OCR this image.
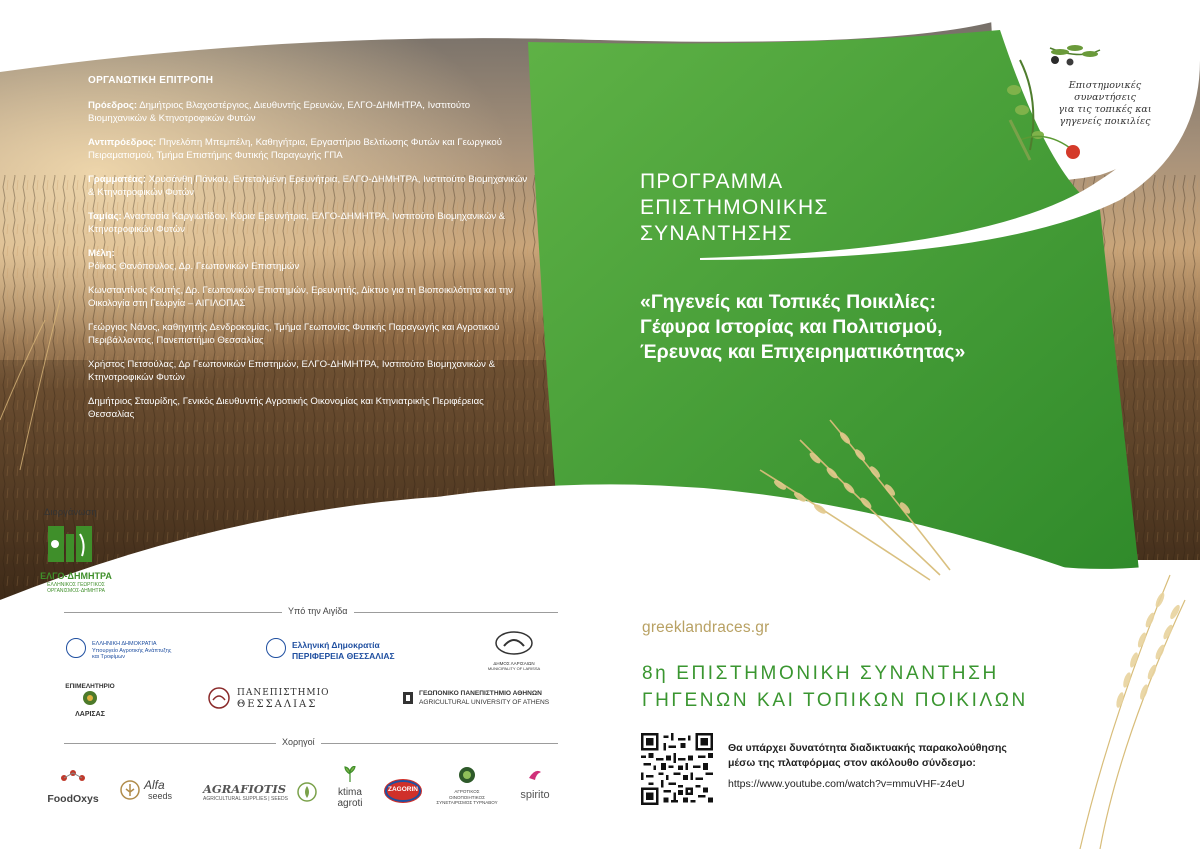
Επιστημονικές συναντήσεις
για τις τοπικές και
γηγενείς ποικιλίες
ΟΡΓΑΝΩΤΙΚΗ ΕΠΙΤΡΟΠΗ
Πρόεδρος: Δημήτριος Βλαχοστέργιος, Διευθυντής Ερευνών, ΕΛΓΟ-ΔΗΜΗΤΡΑ, Ινστιτούτο Βιομηχανικών & Κτηνοτροφικών Φυτών
Αντιπρόεδρος: Πηνελόπη Μπεμπέλη, Καθηγήτρια, Εργαστήριο Βελτίωσης Φυτών και Γεωργικού Πειραματισμού, Τμήμα Επιστήμης Φυτικής Παραγωγής ΓΠΑ
Γραμματέας: Χρυσάνθη Πάνκου, Εντεταλμένη Ερευνήτρια, ΕΛΓΟ-ΔΗΜΗΤΡΑ, Ινστιτούτο Βιομηχανικών & Κτηνοτροφικών Φυτών
Ταμίας: Αναστασία Καργιωτίδου, Κύρια Ερευνήτρια, ΕΛΓΟ-ΔΗΜΗΤΡΑ, Ινστιτούτο Βιομηχανικών & Κτηνοτροφικών Φυτών
Μέλη:
Ρόϊκος Θανόπουλος, Δρ. Γεωπονικών Επιστημών
Κωνσταντίνος Κουτής, Δρ. Γεωπονικών Επιστημών, Ερευνητής, Δίκτυο για τη Βιοποικιλότητα και την Οικολογία στη Γεωργία – ΑΙΓΙΛΟΠΑΣ
Γεώργιος Νάνος, καθηγητής Δενδροκομίας, Τμήμα Γεωπονίας Φυτικής Παραγωγής και Αγροτικού Περιβάλλοντος, Πανεπιστήμιο Θεσσαλίας
Χρήστος Πετσούλας, Δρ Γεωπονικών Επιστημών, ΕΛΓΟ-ΔΗΜΗΤΡΑ, Ινστιτούτο Βιομηχανικών & Κτηνοτροφικών Φυτών
Δημήτριος Σταυρίδης, Γενικός Διευθυντής Αγροτικής Οικονομίας και Κτηνιατρικής Περιφέρειας Θεσσαλίας
ΠΡΟΓΡΑΜΜΑ
ΕΠΙΣΤΗΜΟΝΙΚΗΣ
ΣΥΝΑΝΤΗΣΗΣ
«Γηγενείς και Τοπικές Ποικιλίες:
Γέφυρα Ιστορίας και Πολιτισμού,
Έρευνας και Επιχειρηματικότητας»
Διοργάνωση
ΕΛΓΟ-ΔΗΜΗΤΡΑ
ΕΛΛΗΝΙΚΟΣ ΓΕΩΡΓΙΚΟΣ ΟΡΓΑΝΙΣΜΟΣ-ΔΗΜΗΤΡΑ
Υπό την Αιγίδα
ΕΛΛΗΝΙΚΗ ΔΗΜΟΚΡΑΤΙΑ
Υπουργείο Αγροτικής Ανάπτυξης
και Τροφίμων
Ελληνική Δημοκρατία
ΠΕΡΙΦΕΡΕΙΑ ΘΕΣΣΑΛΙΑΣ
ΔΗΜΟΣ ΛΑΡΙΣΑΙΩΝ
MUNICIPALITY OF LARISSA
ΕΠΙΜΕΛΗΤΗΡΙΟ
ΛΑΡΙΣΑΣ
ΠΑΝΕΠΙΣΤΗΜΙΟ
ΘΕΣΣΑΛΙΑΣ
ΓΕΩΠΟΝΙΚΟ ΠΑΝΕΠΙΣΤΗΜΙΟ ΑΘΗΝΩΝ
AGRICULTURAL UNIVERSITY OF ATHENS
Χορηγοί
FoodOxys
Alfa
seeds	AGRAFIOTIS
AGRICULTURAL SUPPLIES | SEEDS
ktima
agroti
ZAGORIN	ΑΓΡΟΤΙΚΟΣ ΟΙΝΟΠΟΙΗΤΙΚΟΣ
ΣΥΝΕΤΑΙΡΙΣΜΟΣ ΤΥΡΝΑΒΟΥ
spirito
greeklandraces.gr
8η ΕΠΙΣΤΗΜΟΝΙΚΗ ΣΥΝΑΝΤΗΣΗ
ΓΗΓΕΝΩΝ ΚΑΙ ΤΟΠΙΚΩΝ ΠΟΙΚΙΛΩΝ
Θα υπάρχει δυνατότητα διαδικτυακής παρακολούθησης
μέσω της πλατφόρμας στον ακόλουθο σύνδεσμο:
https://www.youtube.com/watch?v=mmuVHF-z4eU
